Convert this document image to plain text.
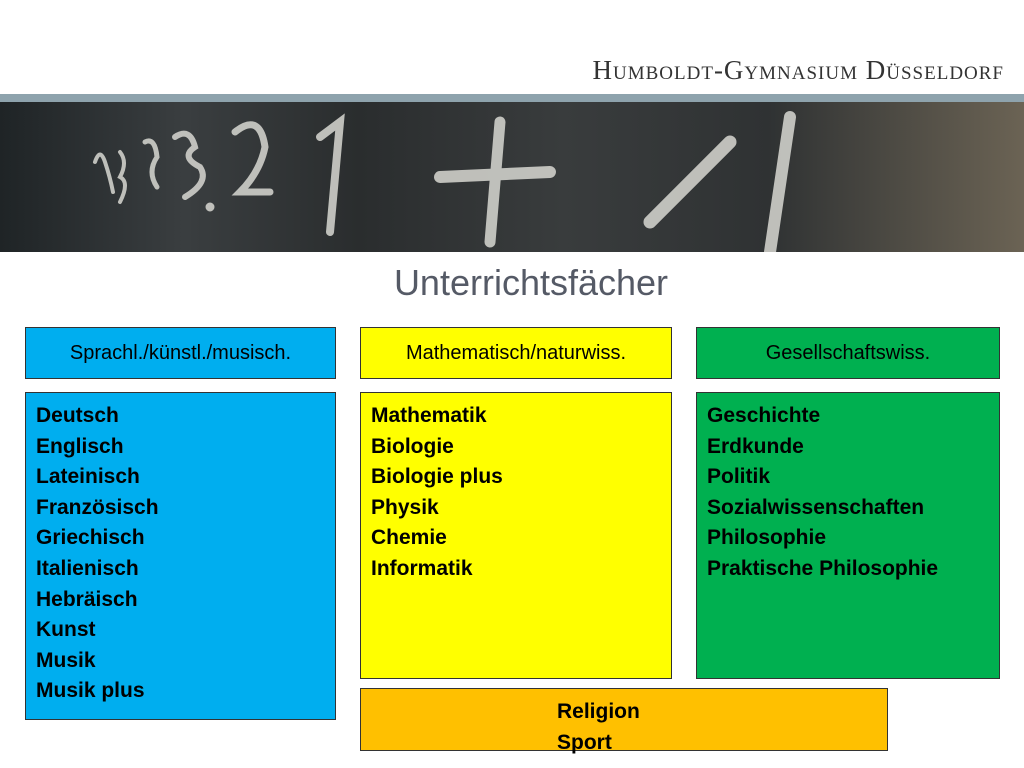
Humboldt-Gymnasium Düsseldorf
Unterrichtsfächer
Sprachl./künstl./musisch.	Mathematisch/naturwiss.	Gesellschaftswiss.
Deutsch
Englisch
Lateinisch
Französisch
Griechisch
Italienisch
Hebräisch
Kunst
Musik
Musik plus
Mathematik
Biologie
Biologie plus
Physik
Chemie
Informatik
Geschichte
Erdkunde
Politik
Sozialwissenschaften
Philosophie
Praktische Philosophie
Religion
Sport
